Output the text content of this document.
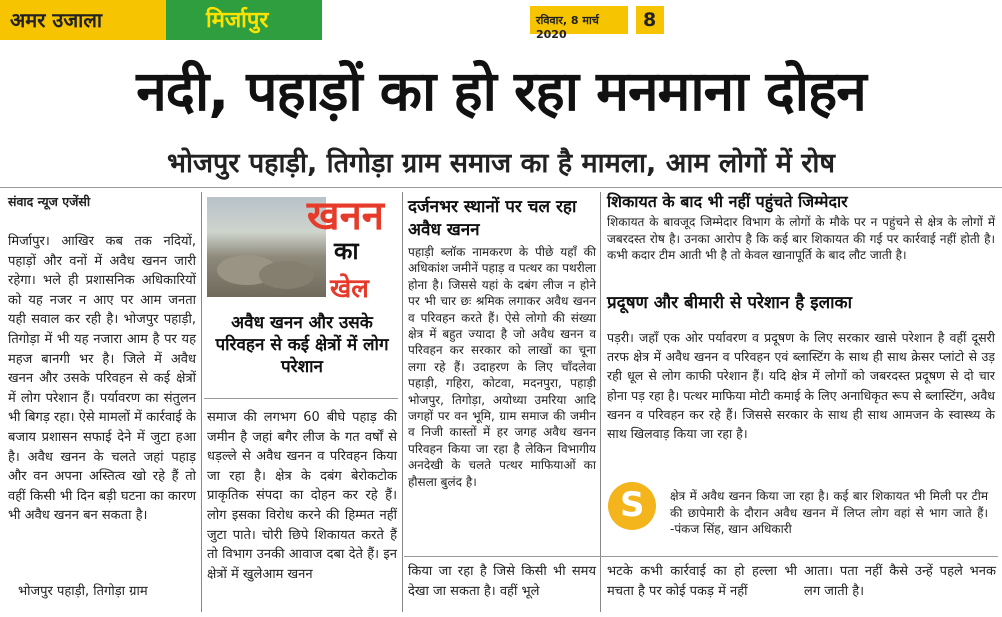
अमर उजाला	मिर्जापुर	रविवार, 8 मार्च 2020
8
नदी, पहाड़ों का हो रहा मनमाना दोहन
भोजपुर पहाड़ी, तिगोड़ा ग्राम समाज का है मामला, आम लोगों में रोष
संवाद न्यूज एजेंसी
मिर्जापुर। आखिर कब तक नदियों, पहाड़ों और वनों में अवैध खनन जारी रहेगा। भले ही प्रशासनिक अधिकारियों को यह नजर न आए पर आम जनता यही सवाल कर रही है। भोजपुर पहाड़ी, तिगोड़ा में भी यह नजारा आम है पर यह महज बानगी भर है। जिले में अवैध खनन और उसके परिवहन से कई क्षेत्रों में लोग परेशान हैं। पर्यावरण का संतुलन भी बिगड़ रहा। ऐसे मामलों में कार्रवाई के बजाय प्रशासन सफाई देने में जुटा हआ है। अवैध खनन के चलते जहां पहाड़ और वन अपना अस्तित्व खो रहे हैं तो वहीं किसी भी दिन बड़ी घटना का कारण भी अवैध खनन बन सकता है।
भोजपुर पहाड़ी, तिगोड़ा ग्राम
खनन
का
खेल
अवैध खनन और उसके परिवहन से कई क्षेत्रों में लोग परेशान
समाज की लगभग 60 बीघे पहाड़ की जमीन है जहां बगैर लीज के गत वर्षों से धड़ल्ले से अवैध खनन व परिवहन किया जा रहा है। क्षेत्र के दबंग बेरोकटोक प्राकृतिक संपदा का दोहन कर रहे हैं। लोग इसका विरोध करने की हिम्मत नहीं जुटा पाते। चोरी छिपे शिकायत करते हैं तो विभाग उनकी आवाज दबा देते हैं। इन क्षेत्रों में खुलेआम खनन
दर्जनभर स्थानों पर चल रहा अवैध खनन
पहाड़ी ब्लॉक नामकरण के पीछे यहाँ की अधिकांश जमीनें पहाड़ व पत्थर का पथरीला होना है। जिससे यहां के दबंग लीज न होने पर भी चार छः श्रमिक लगाकर अवैध खनन व परिवहन करते हैं। ऐसे लोगो की संख्या क्षेत्र में बहुत ज्यादा है जो अवैध खनन व परिवहन कर सरकार को लाखों का चूना लगा रहे हैं। उदाहरण के लिए चाँदलेवा पहाड़ी, गहिरा, कोटवा, मदनपुरा, पहाड़ी भोजपुर, तिगोड़ा, अयोध्या उमरिया आदि जगहों पर वन भूमि, ग्राम समाज की जमीन व निजी कास्तों में हर जगह अवैध खनन परिवहन किया जा रहा है लेकिन विभागीय अनदेखी के चलते पत्थर माफियाओं का हौसला बुलंद है।
किया जा रहा है जिसे किसी भी समय देखा जा सकता है। वहीं भूले
शिकायत के बाद भी नहीं पहुंचते जिम्मेदार
शिकायत के बावजूद जिम्मेदार विभाग के लोगों के मौके पर न पहुंचने से क्षेत्र के लोगों में जबरदस्त रोष है। उनका आरोप है कि कई बार शिकायत की गई पर कार्रवाई नहीं होती है। कभी कदार टीम आती भी है तो केवल खानापूर्ति के बाद लौट जाती है।
प्रदूषण और बीमारी से परेशान है इलाका
पड़री। जहाँ एक ओर पर्यावरण व प्रदूषण के लिए सरकार खासे परेशान है वहीं दूसरी तरफ क्षेत्र में अवैध खनन व परिवहन एवं ब्लास्टिंग के साथ ही साथ क्रेसर प्लांटो से उड़ रही धूल से लोग काफी परेशान हैं। यदि क्षेत्र में लोगों को जबरदस्त प्रदूषण से दो चार होना पड़ रहा है। पत्थर माफिया मोटी कमाई के लिए अनाधिकृत रूप से ब्लास्टिंग, अवैध खनन व परिवहन कर रहे हैं। जिससे सरकार के साथ ही साथ आमजन के स्वास्थ्य के साथ खिलवाड़ किया जा रहा है।
S क्षेत्र में अवैध खनन किया जा रहा है। कई बार शिकायत भी मिली पर टीम की छापेमारी के दौरान अवैध खनन में लिप्त लोग वहां से भाग जाते हैं। -पंकज सिंह, खान अधिकारी
भटके कभी कार्रवाई का हो हल्ला भी मचता है पर कोई पकड़ में नहीं
आता। पता नहीं कैसे उन्हें पहले भनक लग जाती है।
